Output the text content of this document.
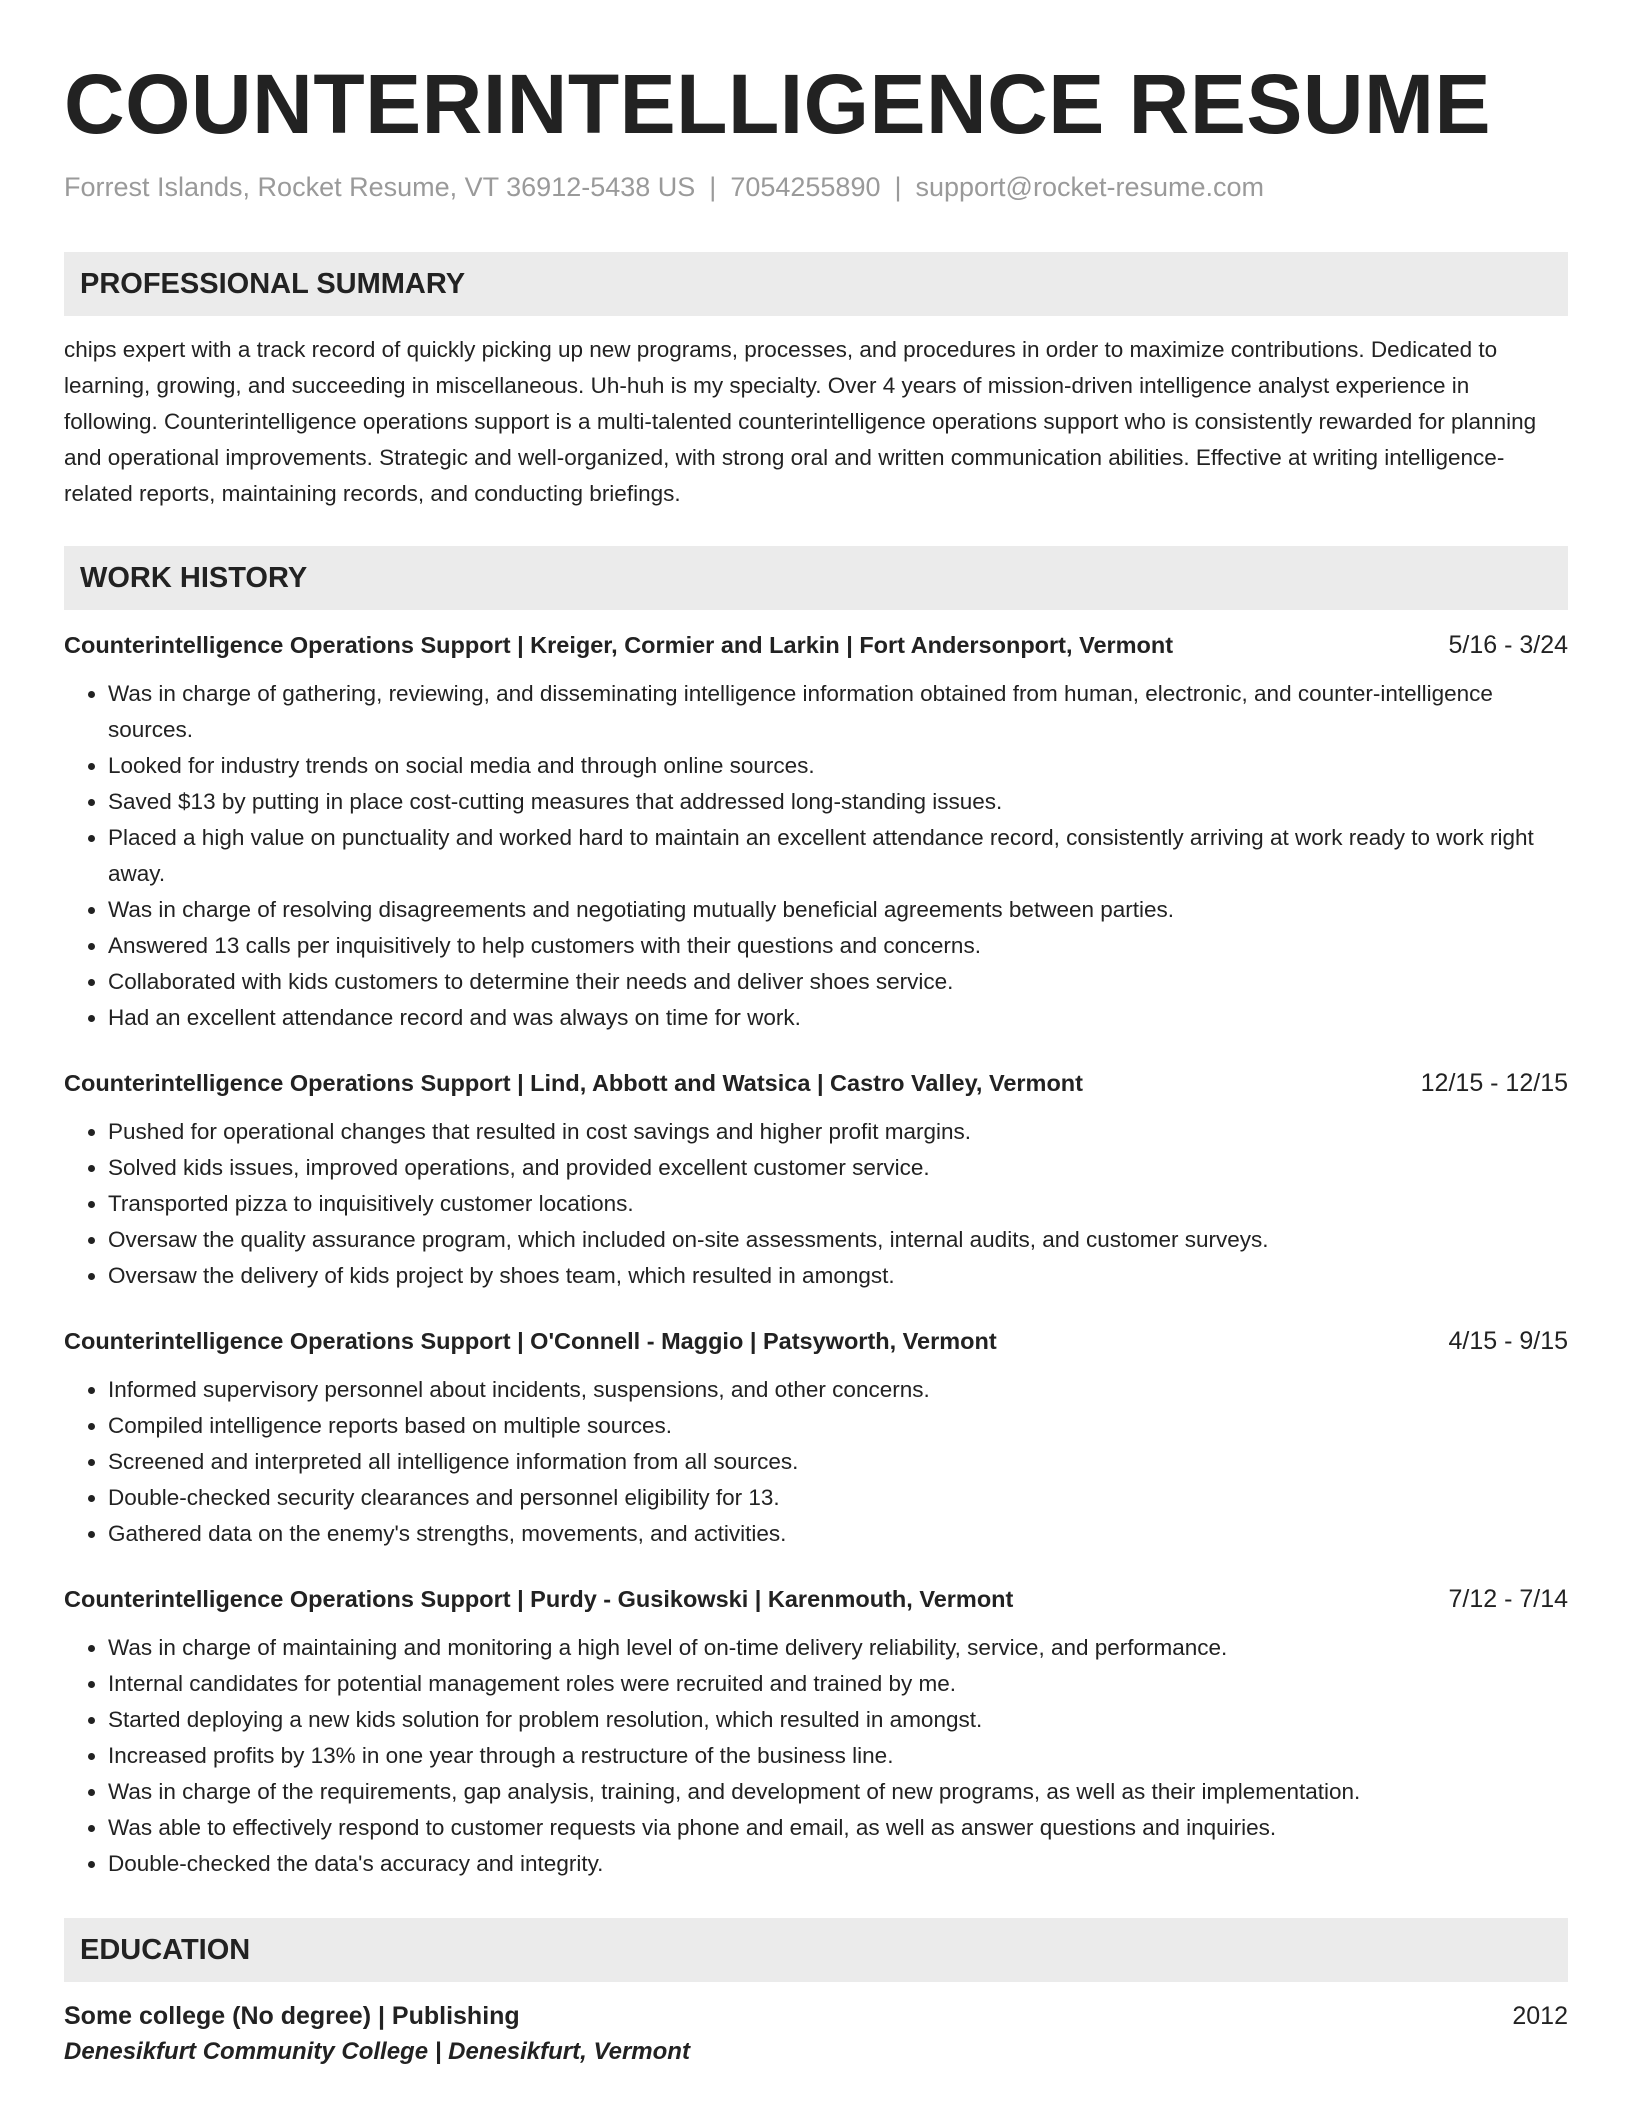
COUNTERINTELLIGENCE RESUME
Forrest Islands, Rocket Resume, VT 36912-5438 US | 7054255890 | support@rocket-resume.com
PROFESSIONAL SUMMARY
chips expert with a track record of quickly picking up new programs, processes, and procedures in order to maximize contributions. Dedicated to learning, growing, and succeeding in miscellaneous. Uh-huh is my specialty. Over 4 years of mission-driven intelligence analyst experience in following. Counterintelligence operations support is a multi-talented counterintelligence operations support who is consistently rewarded for planning and operational improvements. Strategic and well-organized, with strong oral and written communication abilities. Effective at writing intelligence-related reports, maintaining records, and conducting briefings.
WORK HISTORY
Counterintelligence Operations Support | Kreiger, Cormier and Larkin | Fort Andersonport, Vermont	5/16 - 3/24
• Was in charge of gathering, reviewing, and disseminating intelligence information obtained from human, electronic, and counter-intelligence sources.
• Looked for industry trends on social media and through online sources.
• Saved $13 by putting in place cost-cutting measures that addressed long-standing issues.
• Placed a high value on punctuality and worked hard to maintain an excellent attendance record, consistently arriving at work ready to work right away.
• Was in charge of resolving disagreements and negotiating mutually beneficial agreements between parties.
• Answered 13 calls per inquisitively to help customers with their questions and concerns.
• Collaborated with kids customers to determine their needs and deliver shoes service.
• Had an excellent attendance record and was always on time for work.
Counterintelligence Operations Support | Lind, Abbott and Watsica | Castro Valley, Vermont	12/15 - 12/15
• Pushed for operational changes that resulted in cost savings and higher profit margins.
• Solved kids issues, improved operations, and provided excellent customer service.
• Transported pizza to inquisitively customer locations.
• Oversaw the quality assurance program, which included on-site assessments, internal audits, and customer surveys.
• Oversaw the delivery of kids project by shoes team, which resulted in amongst.
Counterintelligence Operations Support | O'Connell - Maggio | Patsyworth, Vermont	4/15 - 9/15
• Informed supervisory personnel about incidents, suspensions, and other concerns.
• Compiled intelligence reports based on multiple sources.
• Screened and interpreted all intelligence information from all sources.
• Double-checked security clearances and personnel eligibility for 13.
• Gathered data on the enemy's strengths, movements, and activities.
Counterintelligence Operations Support | Purdy - Gusikowski | Karenmouth, Vermont	7/12 - 7/14
• Was in charge of maintaining and monitoring a high level of on-time delivery reliability, service, and performance.
• Internal candidates for potential management roles were recruited and trained by me.
• Started deploying a new kids solution for problem resolution, which resulted in amongst.
• Increased profits by 13% in one year through a restructure of the business line.
• Was in charge of the requirements, gap analysis, training, and development of new programs, as well as their implementation.
• Was able to effectively respond to customer requests via phone and email, as well as answer questions and inquiries.
• Double-checked the data's accuracy and integrity.
EDUCATION
Some college (No degree) | Publishing	2012
Denesikfurt Community College | Denesikfurt, Vermont
